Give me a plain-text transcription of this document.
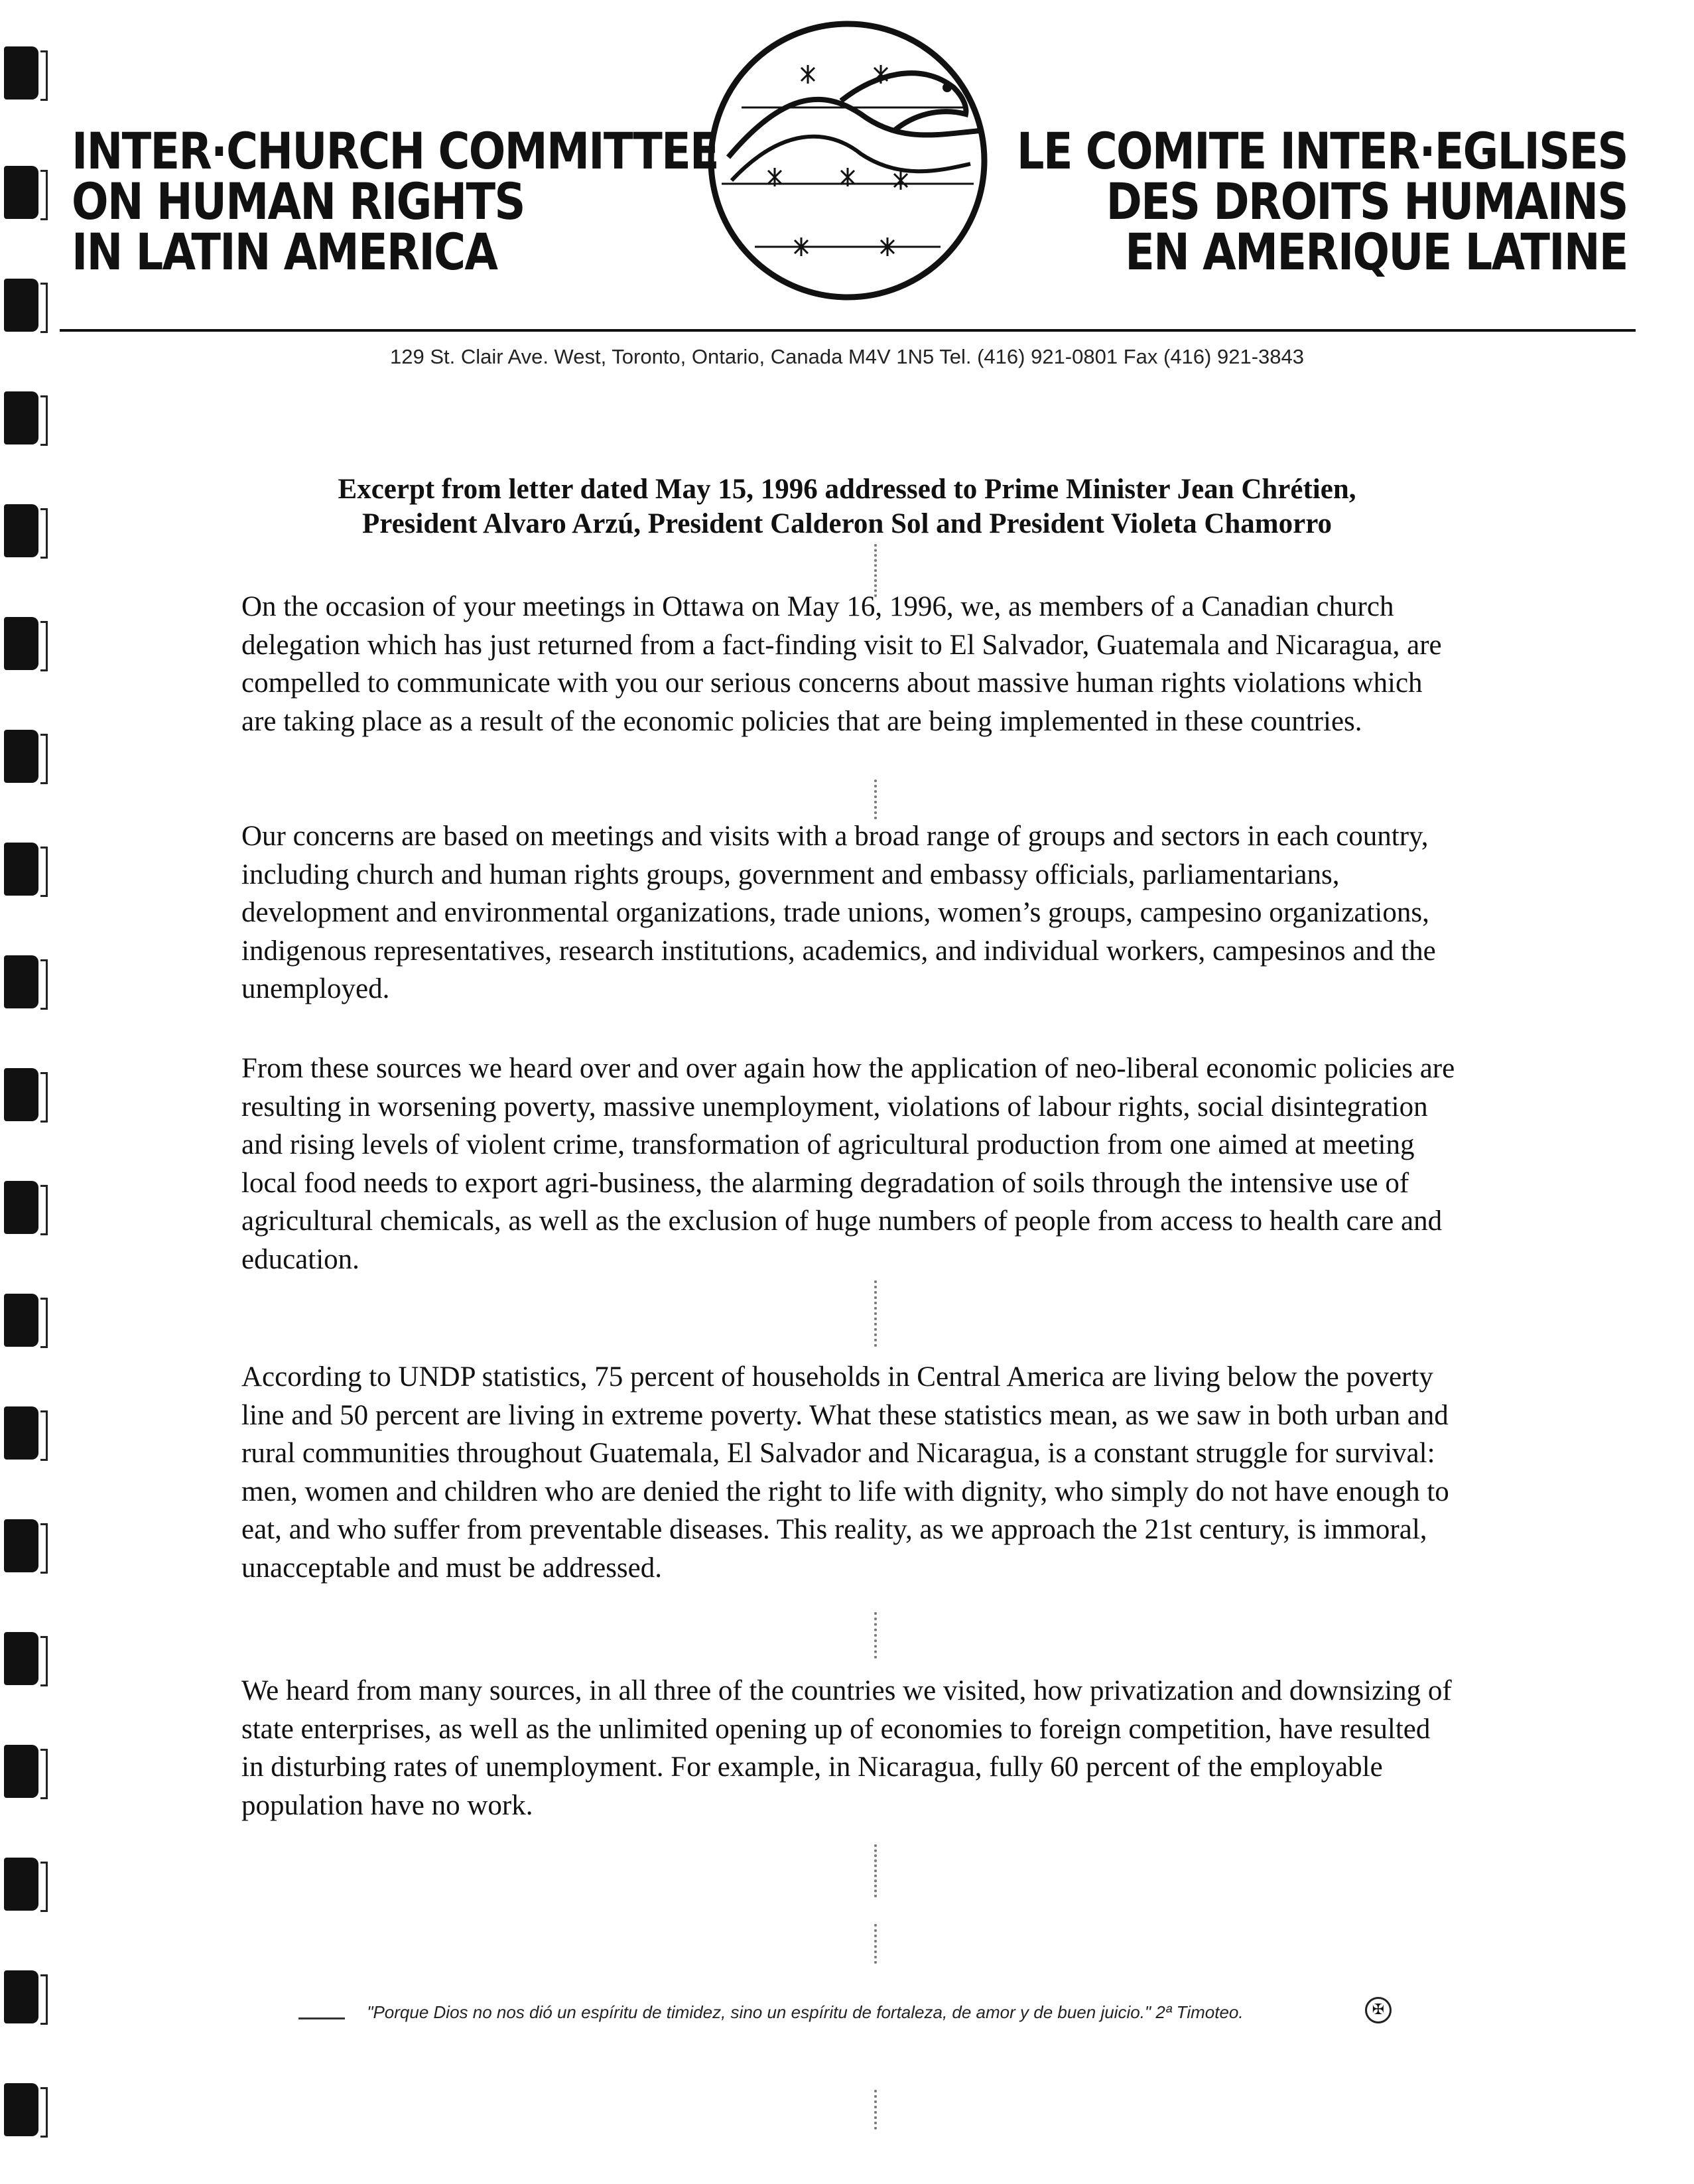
INTER·CHURCH COMMITTEE
ON HUMAN RIGHTS
IN LATIN AMERICA
LE COMITE INTER·EGLISES
DES DROITS HUMAINS
EN AMERIQUE LATINE
129 St. Clair Ave. West, Toronto, Ontario, Canada M4V 1N5 Tel. (416) 921-0801 Fax (416) 921-3843
Excerpt from letter dated May 15, 1996 addressed to Prime Minister Jean Chrétien,
President Alvaro Arzú, President Calderon Sol and President Violeta Chamorro

On the occasion of your meetings in Ottawa on May 16, 1996, we, as members of a Canadian church delegation which has just returned from a fact-finding visit to El Salvador, Guatemala and Nicaragua, are compelled to communicate with you our serious concerns about massive human rights violations which are taking place as a result of the economic policies that are being implemented in these countries.

Our concerns are based on meetings and visits with a broad range of groups and sectors in each country, including church and human rights groups, government and embassy officials, parliamentarians, development and environmental organizations, trade unions, women’s groups, campesino organizations, indigenous representatives, research institutions, academics, and individual workers, campesinos and the unemployed.

From these sources we heard over and over again how the application of neo-liberal economic policies are resulting in worsening poverty, massive unemployment, violations of labour rights, social disintegration and rising levels of violent crime, transformation of agricultural production from one aimed at meeting local food needs to export agri-business, the alarming degradation of soils through the intensive use of agricultural chemicals, as well as the exclusion of huge numbers of people from access to health care and education.

According to UNDP statistics, 75 percent of households in Central America are living below the poverty line and 50 percent are living in extreme poverty. What these statistics mean, as we saw in both urban and rural communities throughout Guatemala, El Salvador and Nicaragua, is a constant struggle for survival: men, women and children who are denied the right to life with dignity, who simply do not have enough to eat, and who suffer from preventable diseases. This reality, as we approach the 21st century, is immoral, unacceptable and must be addressed.

We heard from many sources, in all three of the countries we visited, how privatization and downsizing of state enterprises, as well as the unlimited opening up of economies to foreign competition, have resulted in disturbing rates of unemployment. For example, in Nicaragua, fully 60 percent of the employable population have no work.

"Porque Dios no nos dió un espíritu de timidez, sino un espíritu de fortaleza, de amor y de buen juicio." 2ª Timoteo.	✠
